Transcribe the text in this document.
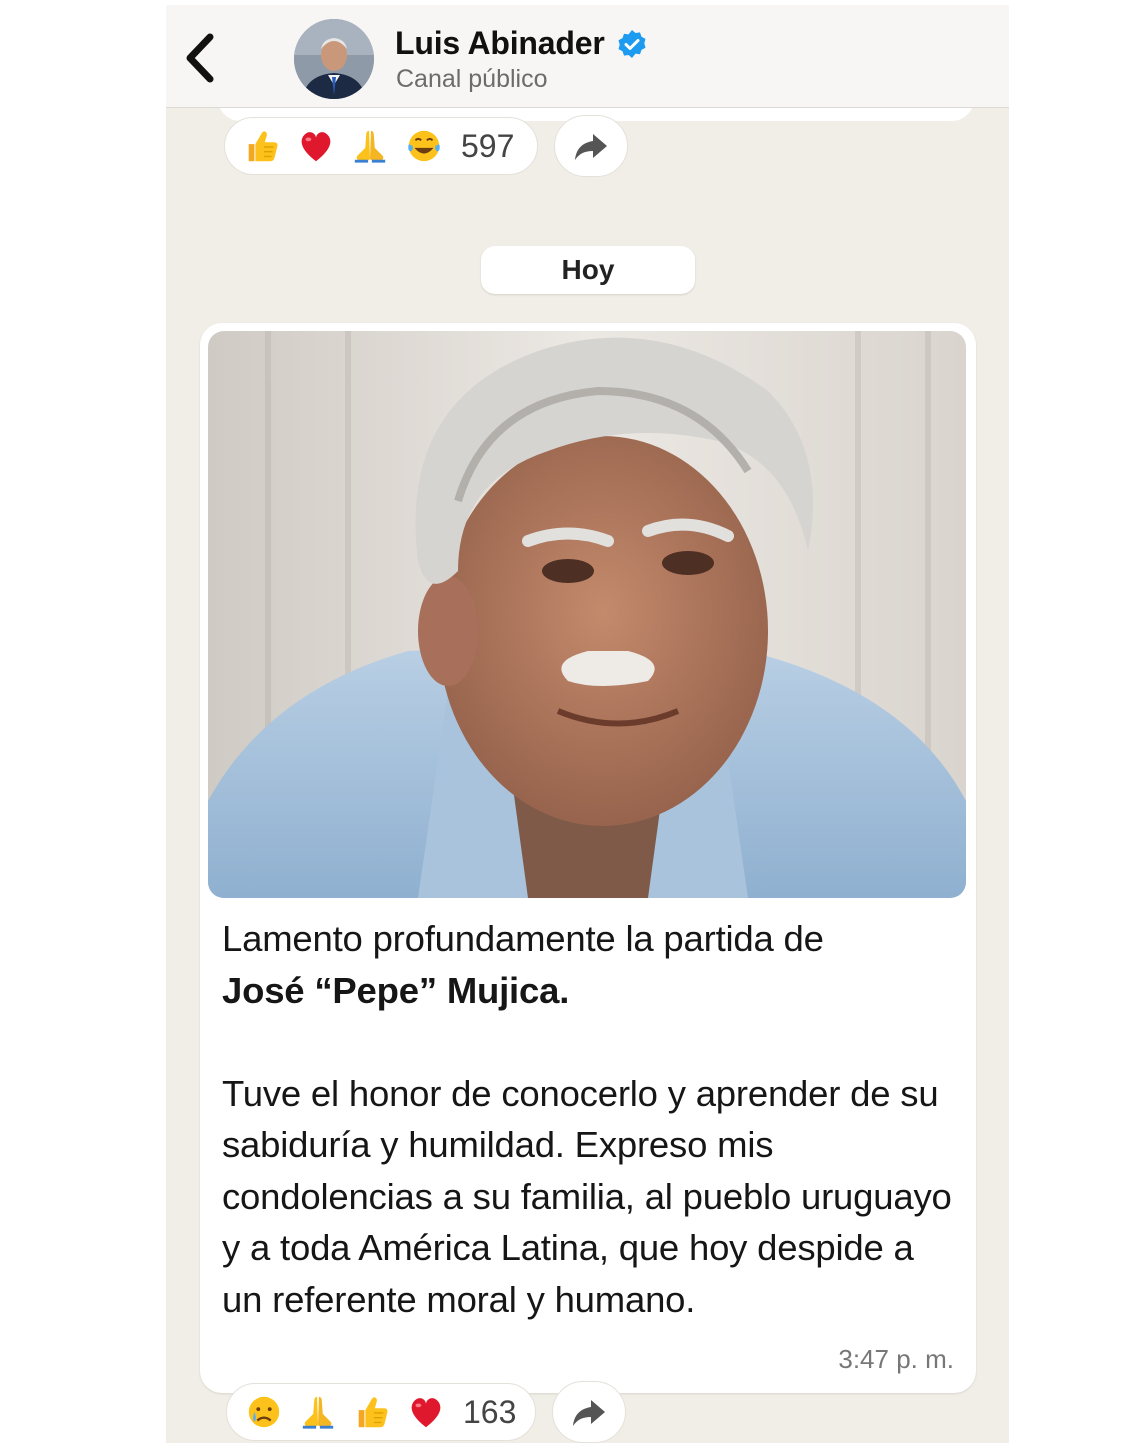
Luis Abinader
Canal público
597
Hoy

Lamento profundamente la partida de
José “Pepe” Mujica.

Tuve el honor de conocerlo y aprender de su sabiduría y humildad. Expreso mis condolencias a su familia, al pueblo uruguayo y a toda América Latina, que hoy despide a un referente moral y humano.

3:47 p. m.
163
